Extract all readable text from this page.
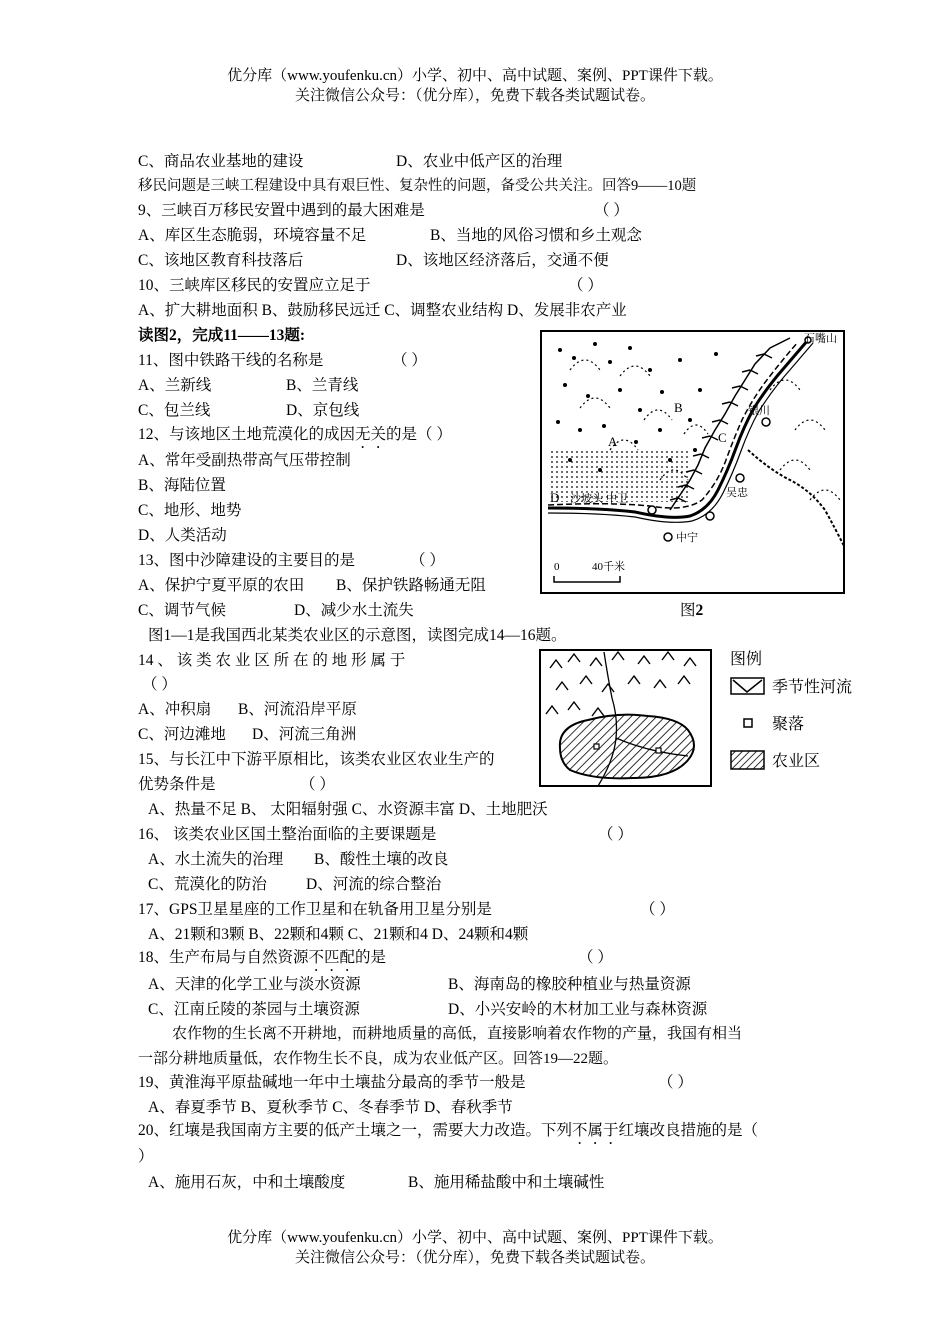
优分库（www.youfenku.cn）小学、初中、高中试题、案例、PPT课件下载。
关注微信公众号：（优分库），免费下载各类试题试卷。
C、商品农业基地的建设	D、农业中低产区的治理
移民问题是三峡工程建设中具有艰巨性、复杂性的问题，备受公共关注。回答9——10题
9、三峡百万移民安置中遇到的最大困难是	（ ）
A、库区生态脆弱，环境容量不足	B、当地的风俗习惯和乡土观念
C、该地区教育科技落后	D、该地区经济落后，交通不便
10、三峡库区移民的安置应立足于	（ ）
A、扩大耕地面积 B、鼓励移民远迁 C、调整农业结构 D、发展非农产业
读图2，完成11——13题:
11、图中铁路干线的名称是	（ ）
A、兰新线	B、兰青线
C、包兰线	D、京包线
12、与该地区土地荒漠化的成因无关的是（ ）
A、常年受副热带高气压带控制
B、海陆位置
C、地形、地势
D、人类活动
13、图中沙障建设的主要目的是	（ ）
A、保护宁夏平原的农田 B、保护铁路畅通无阻
C、调节气候	D、减少水土流失	图2
图1—1是我国西北某类农业区的示意图，读图完成14—16题。
14 、 该 类 农 业 区 所 在 的 地 形 属 于
（ ）
A、冲积扇 B、河流沿岸平原
C、河边滩地 D、河流三角洲
15、与长江中下游平原相比，该类农业区农业生产的
优势条件是	（ ）
A、热量不足 B、 太阳辐射强 C、水资源丰富 D、土地肥沃
16、 该类农业区国土整治面临的主要课题是	（ ）
A、水土流失的治理 B、酸性土壤的改良
C、荒漠化的防治	D、河流的综合整治
17、GPS卫星星座的工作卫星和在轨备用卫星分别是	（ ）
A、21颗和3颗 B、22颗和4颗 C、21颗和4 D、24颗和4颗
18、生产布局与自然资源不匹配的是	（ ）
A、天津的化学工业与淡水资源	B、海南岛的橡胶种植业与热量资源
C、江南丘陵的茶园与土壤资源	D、小兴安岭的木材加工业与森林资源
农作物的生长离不开耕地，而耕地质量的高低，直接影响着农作物的产量，我国有相当
一部分耕地质量低，农作物生长不良，成为农业低产区。回答19—22题。
19、黄淮海平原盐碱地一年中土壤盐分最高的季节一般是	（ ）
A、春夏季节 B、夏秋季节 C、冬春季节 D、春秋季节
20、红壤是我国南方主要的低产土壤之一，需要大力改造。下列不属于红壤改良措施的是（
）
A、施用石灰，中和土壤酸度	B、施用稀盐酸中和土壤碱性
石嘴山
A
B
C
D
银川
沙坡头 中卫
中宁
吴忠
0	40千米
图例
季节性河流
聚落
农业区
优分库（www.youfenku.cn）小学、初中、高中试题、案例、PPT课件下载。
关注微信公众号：（优分库），免费下载各类试题试卷。
